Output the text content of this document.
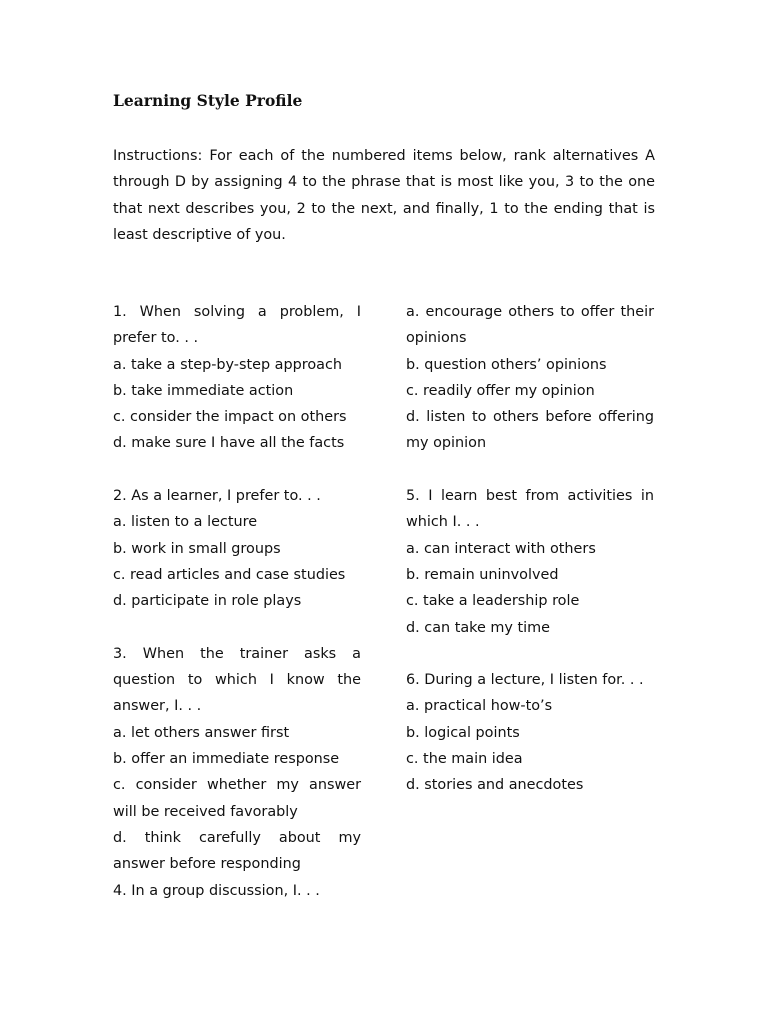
Learning Style Profile

Instructions: For each of the numbered items below, rank alternatives A through D by assigning 4 to the phrase that is most like you, 3 to the one that next describes you, 2 to the next, and finally, 1 to the ending that is least descriptive of you.

1. When solving a problem, I prefer to. . .

a. take a step-by-step approach

b. take immediate action

c. consider the impact on others

d. make sure I have all the facts

2. As a learner, I prefer to. . .

a. listen to a lecture

b. work in small groups

c. read articles and case studies

d. participate in role plays

3. When the trainer asks a question to which I know the answer, I. . .

a. let others answer first

b. offer an immediate response

c. consider whether my answer will be received favorably

d. think carefully about my answer before responding

4. In a group discussion, I. . .

a. encourage others to offer their opinions

b. question others’ opinions

c. readily offer my opinion

d. listen to others before offering my opinion

5. I learn best from activities in which I. . .

a. can interact with others

b. remain uninvolved

c. take a leadership role

d. can take my time

6. During a lecture, I listen for. . .

a. practical how-to’s

b. logical points

c. the main idea

d. stories and anecdotes
